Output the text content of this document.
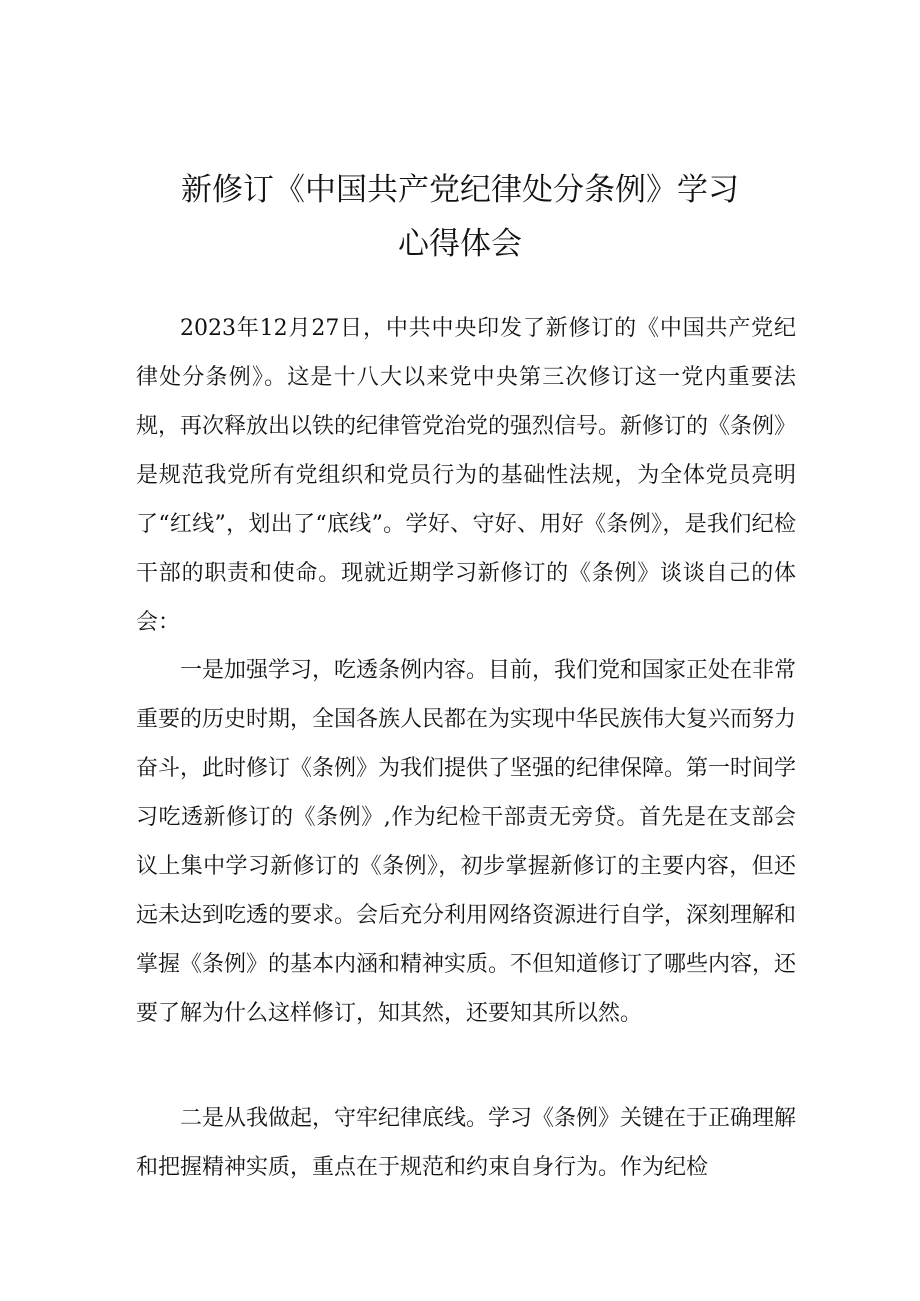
新修订《中国共产党纪律处分条例》学习
心得体会

2023年12月27日，中共中央印发了新修订的《中国共产党纪律处分条例》。这是十八大以来党中央第三次修订这一党内重要法规，再次释放出以铁的纪律管党治党的强烈信号。新修订的《条例》是规范我党所有党组织和党员行为的基础性法规，为全体党员亮明了“红线”，划出了“底线”。学好、守好、用好《条例》，是我们纪检干部的职责和使命。现就近期学习新修订的《条例》谈谈自己的体会：

一是加强学习，吃透条例内容。目前，我们党和国家正处在非常重要的历史时期，全国各族人民都在为实现中华民族伟大复兴而努力奋斗，此时修订《条例》为我们提供了坚强的纪律保障。第一时间学习吃透新修订的《条例》,作为纪检干部责无旁贷。首先是在支部会议上集中学习新修订的《条例》，初步掌握新修订的主要内容，但还远未达到吃透的要求。会后充分利用网络资源进行自学，深刻理解和掌握《条例》的基本内涵和精神实质。不但知道修订了哪些内容，还要了解为什么这样修订，知其然，还要知其所以然。

二是从我做起，守牢纪律底线。学习《条例》关键在于正确理解和把握精神实质，重点在于规范和约束自身行为。作为纪检
